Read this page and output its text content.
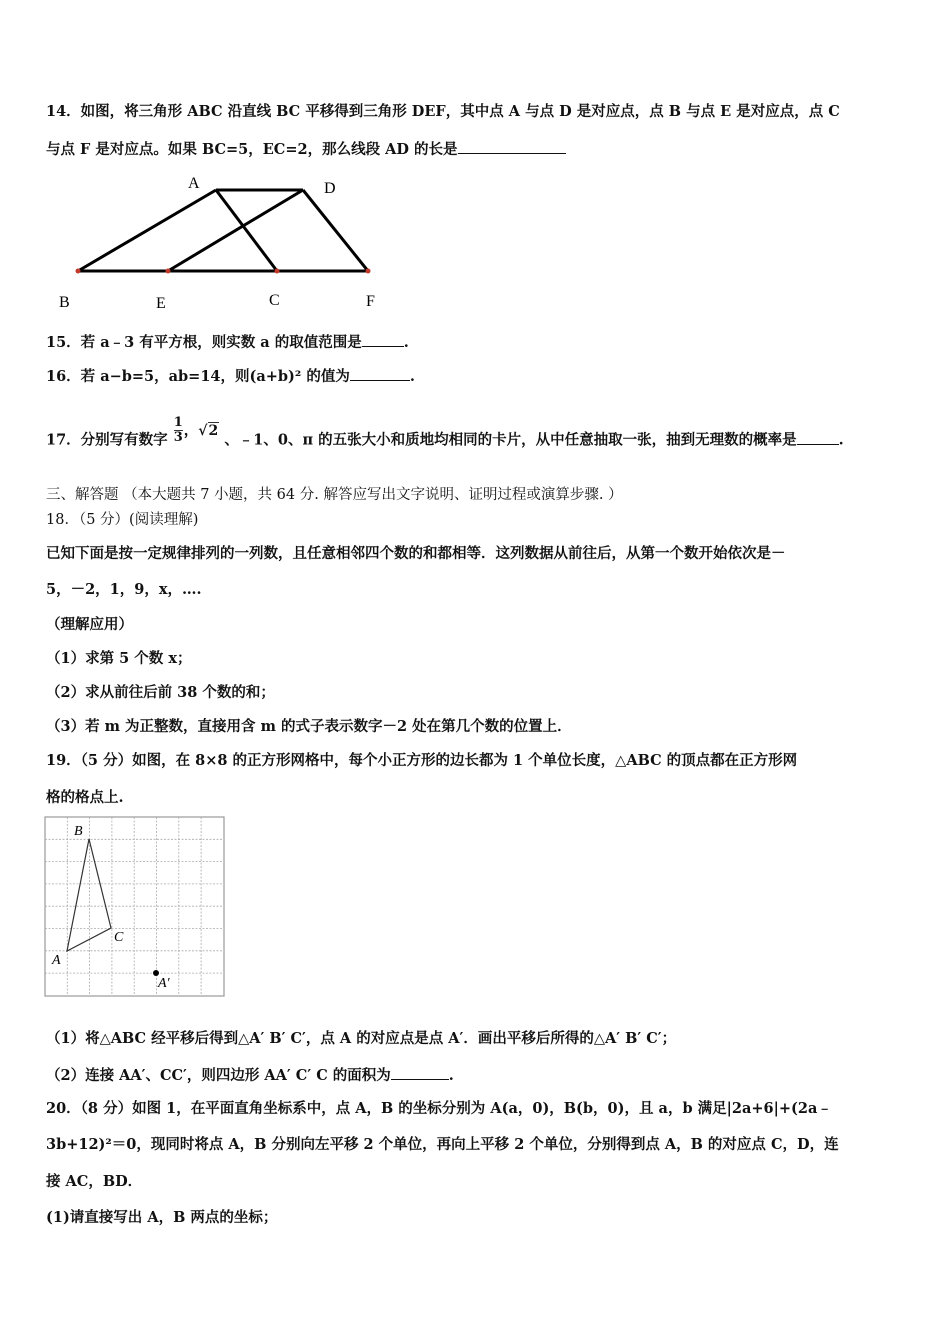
14．如图，将三角形 ABC 沿直线 BC 平移得到三角形 DEF，其中点 A 与点 D 是对应点，点 B 与点 E 是对应点，点 C
与点 F 是对应点。如果 BC=5，EC=2，那么线段 AD 的长是
A	D
B	E	C	F
15．若 a﹣3 有平方根，则实数 a 的取值范围是	.
16．若 a−b=5，ab=14，则(a+b)² 的值为	.
17．分别写有数字 $\frac{1}{3}$ ，√2 、﹣1、0、π 的五张大小和质地均相同的卡片，从中任意抽取一张，抽到无理数的概率是	.
三、解答题 （本大题共 7 小题，共 64 分. 解答应写出文字说明、证明过程或演算步骤. ）
18．（5 分）(阅读理解)
已知下面是按一定规律排列的一列数，且任意相邻四个数的和都相等．这列数据从前往后，从第一个数开始依次是－
5，－2，1，9，x，….
（理解应用）
（1）求第 5 个数 x；
（2）求从前往后前 38 个数的和；
（3）若 m 为正整数，直接用含 m 的式子表示数字－2 处在第几个数的位置上．
19．（5 分）如图，在 8×8 的正方形网格中，每个小正方形的边长都为 1 个单位长度，△ABC 的顶点都在正方形网
格的格点上.
B
C
A
A′
（1）将△ABC 经平移后得到△A′ B′ C′，点 A 的对应点是点 A′．画出平移后所得的△A′ B′ C′；
（2）连接 AA′、CC′，则四边形 AA′ C′ C 的面积为	.
20．（8 分）如图 1，在平面直角坐标系中，点 A，B 的坐标分别为 A(a，0)，B(b，0)，且 a，b 满足|2a+6|+(2a﹣
3b+12)²＝0，现同时将点 A，B 分别向左平移 2 个单位，再向上平移 2 个单位，分别得到点 A，B 的对应点 C，D，连
接 AC，BD．
(1)请直接写出 A，B 两点的坐标；
